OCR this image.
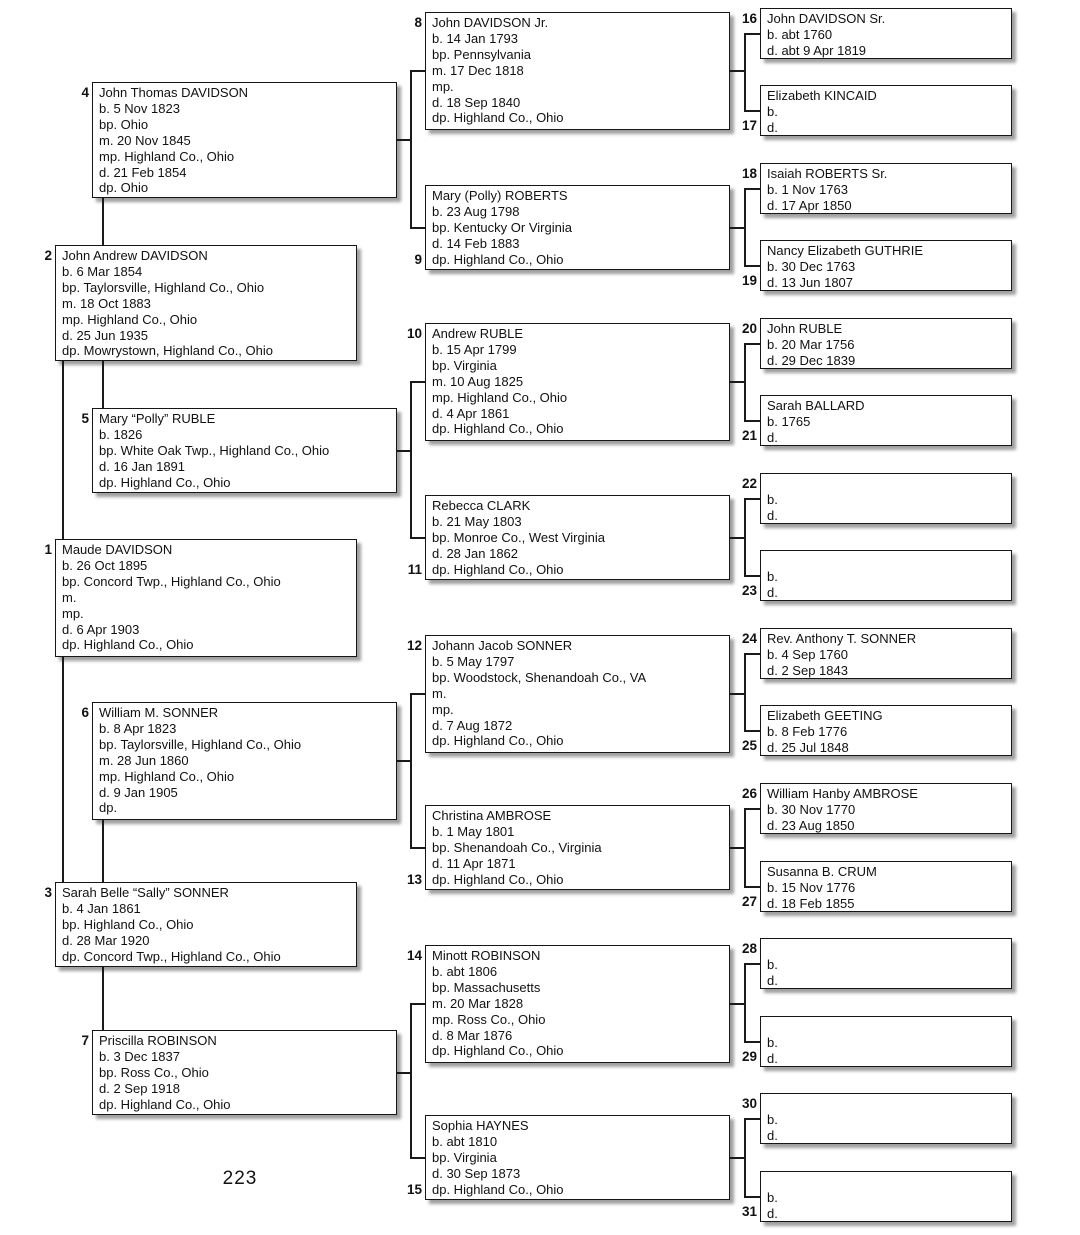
1 Maude DAVIDSON
b. 26 Oct 1895
bp. Concord Twp., Highland Co., Ohio
m.
mp.
d. 6 Apr 1903
dp. Highland Co., Ohio
2 John Andrew DAVIDSON
b. 6 Mar 1854
bp. Taylorsville, Highland Co., Ohio
m. 18 Oct 1883
mp. Highland Co., Ohio
d. 25 Jun 1935
dp. Mowrystown, Highland Co., Ohio
3 Sarah Belle “Sally” SONNER
b. 4 Jan 1861
bp. Highland Co., Ohio
d. 28 Mar 1920
dp. Concord Twp., Highland Co., Ohio
4 John Thomas DAVIDSON
b. 5 Nov 1823
bp. Ohio
m. 20 Nov 1845
mp. Highland Co., Ohio
d. 21 Feb 1854
dp. Ohio
5 Mary “Polly” RUBLE
b. 1826
bp. White Oak Twp., Highland Co., Ohio
d. 16 Jan 1891
dp. Highland Co., Ohio
6 William M. SONNER
b. 8 Apr 1823
bp. Taylorsville, Highland Co., Ohio
m. 28 Jun 1860
mp. Highland Co., Ohio
d. 9 Jan 1905
dp.
7 Priscilla ROBINSON
b. 3 Dec 1837
bp. Ross Co., Ohio
d. 2 Sep 1918
dp. Highland Co., Ohio
8 John DAVIDSON Jr.
b. 14 Jan 1793
bp. Pennsylvania
m. 17 Dec 1818
mp.
d. 18 Sep 1840
dp. Highland Co., Ohio
9
Mary (Polly) ROBERTS
b. 23 Aug 1798
bp. Kentucky Or Virginia
d. 14 Feb 1883
dp. Highland Co., Ohio
10 Andrew RUBLE
b. 15 Apr 1799
bp. Virginia
m. 10 Aug 1825
mp. Highland Co., Ohio
d. 4 Apr 1861
dp. Highland Co., Ohio
11
Rebecca CLARK
b. 21 May 1803
bp. Monroe Co., West Virginia
d. 28 Jan 1862
dp. Highland Co., Ohio
12 Johann Jacob SONNER
b. 5 May 1797
bp. Woodstock, Shenandoah Co., VA
m.
mp.
d. 7 Aug 1872
dp. Highland Co., Ohio
13
Christina AMBROSE
b. 1 May 1801
bp. Shenandoah Co., Virginia
d. 11 Apr 1871
dp. Highland Co., Ohio
14 Minott ROBINSON
b. abt 1806
bp. Massachusetts
m. 20 Mar 1828
mp. Ross Co., Ohio
d. 8 Mar 1876
dp. Highland Co., Ohio
15
Sophia HAYNES
b. abt 1810
bp. Virginia
d. 30 Sep 1873
dp. Highland Co., Ohio
16 John DAVIDSON Sr.
b. abt 1760
d. abt 9 Apr 1819
17
Elizabeth KINCAID
b.
d.
18 Isaiah ROBERTS Sr.
b. 1 Nov 1763
d. 17 Apr 1850
19
Nancy Elizabeth GUTHRIE
b. 30 Dec 1763
d. 13 Jun 1807
20 John RUBLE
b. 20 Mar 1756
d. 29 Dec 1839
21
Sarah BALLARD
b. 1765
d.
22
b.
d.
23
b.
d.
24 Rev. Anthony T. SONNER
b. 4 Sep 1760
d. 2 Sep 1843
25
Elizabeth GEETING
b. 8 Feb 1776
d. 25 Jul 1848
26 William Hanby AMBROSE
b. 30 Nov 1770
d. 23 Aug 1850
27
Susanna B. CRUM
b. 15 Nov 1776
d. 18 Feb 1855
28
b.
d.
29
b.
d.
30
b.
d.
31
b.
d.
223
